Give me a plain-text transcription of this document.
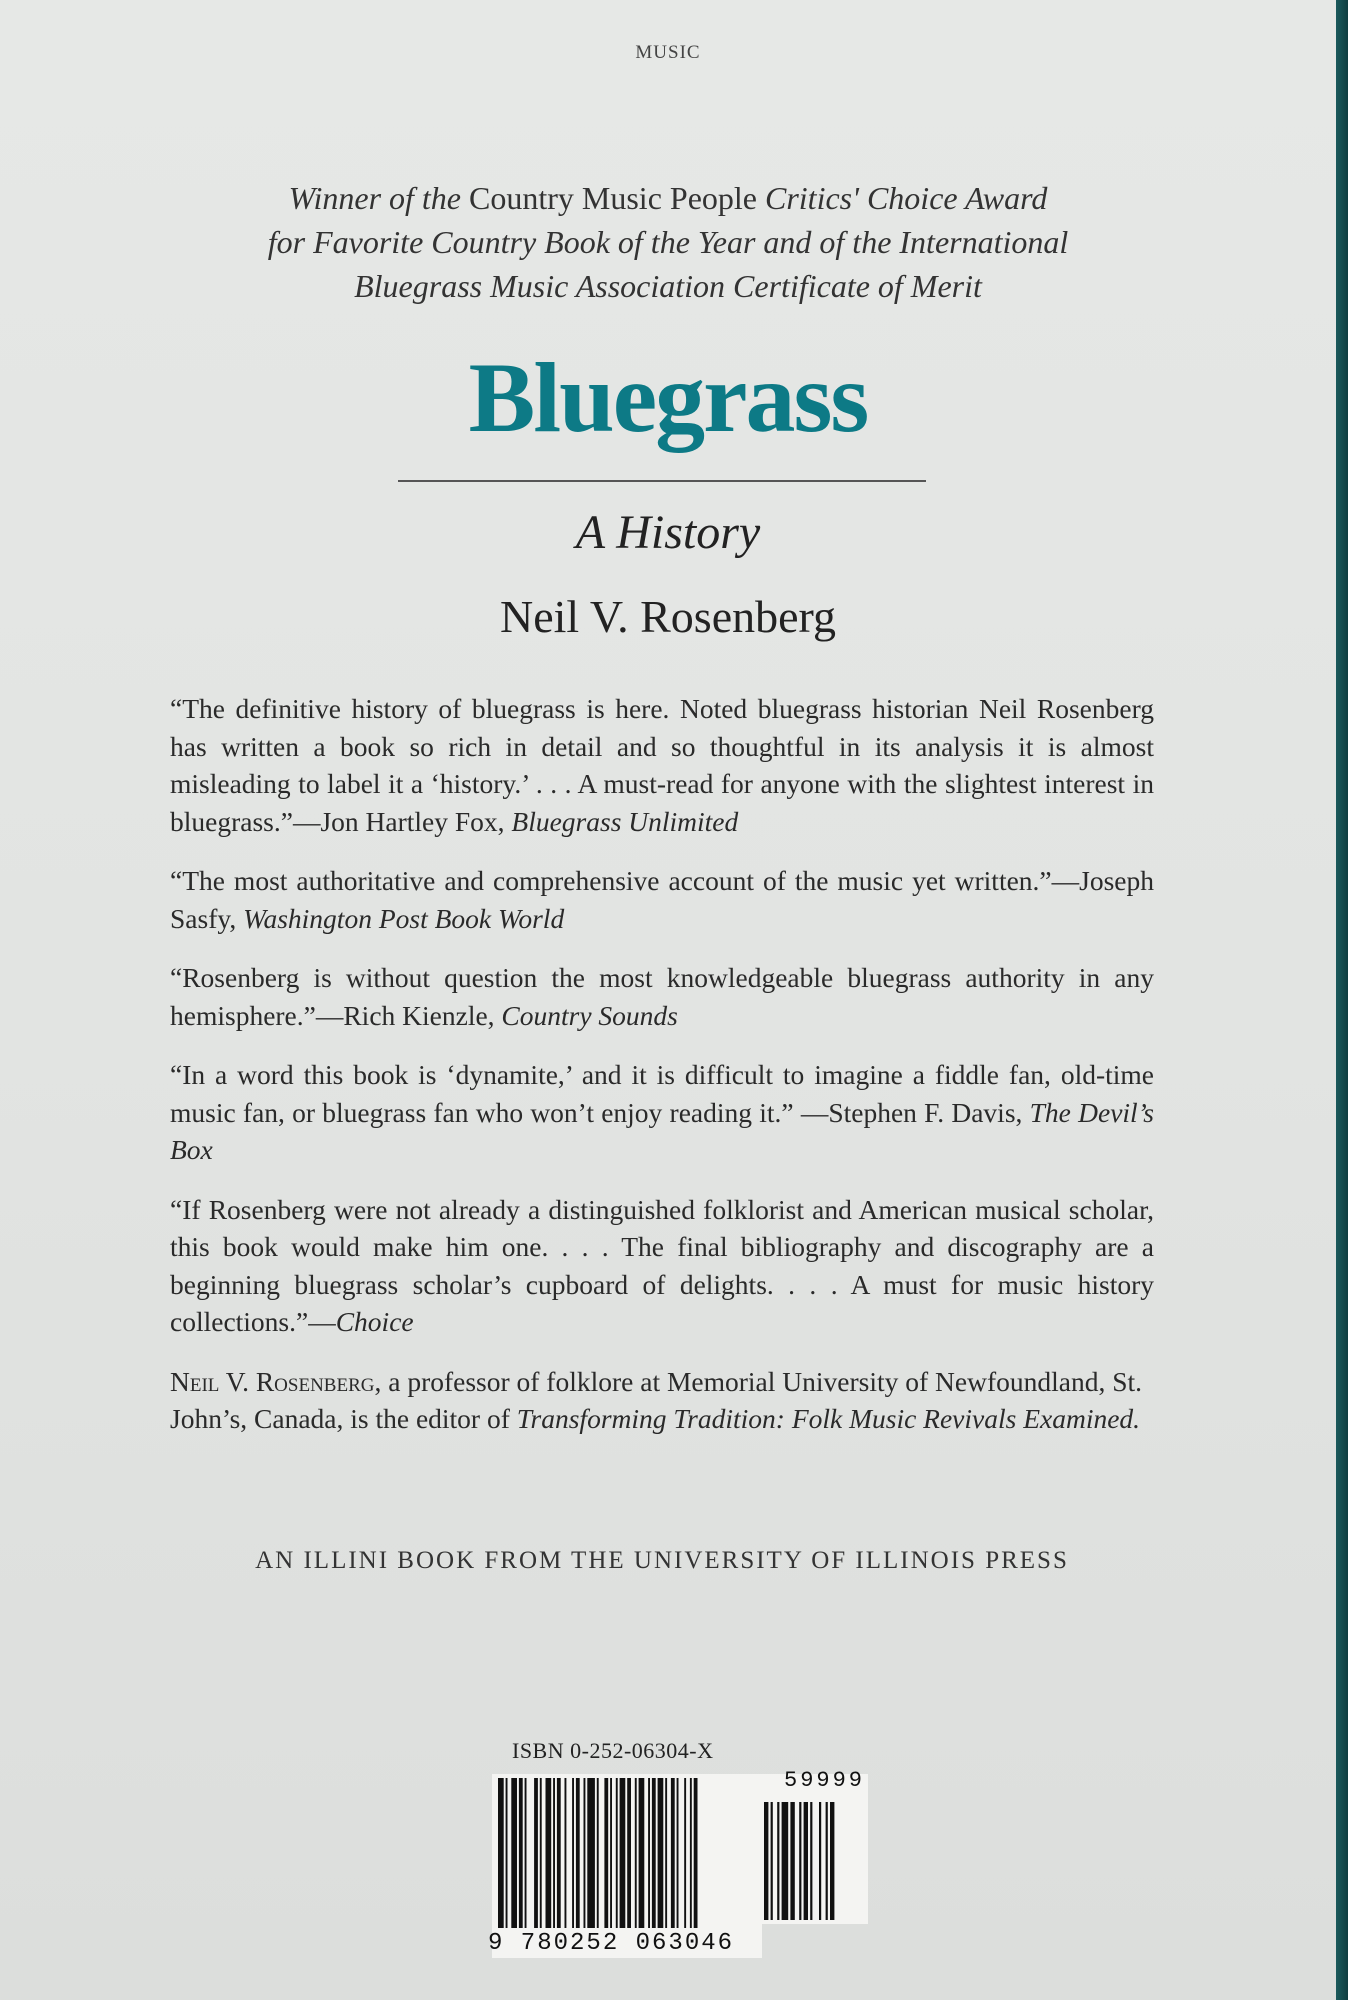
MUSIC
Winner of the Country Music People Critics' Choice Award
for Favorite Country Book of the Year and of the International
Bluegrass Music Association Certificate of Merit
Bluegrass
A History
Neil V. Rosenberg

“The definitive history of bluegrass is here. Noted bluegrass historian Neil Rosenberg has written a book so rich in detail and so thoughtful in its analysis it is almost misleading to label it a ‘history.’ . . . A must-read for anyone with the slightest interest in bluegrass.”—Jon Hartley Fox, Bluegrass Unlimited

“The most authoritative and comprehensive account of the music yet written.”—Joseph Sasfy, Washington Post Book World

“Rosenberg is without question the most knowledgeable bluegrass authority in any hemisphere.”—Rich Kienzle, Country Sounds

“In a word this book is ‘dynamite,’ and it is difficult to imagine a fiddle fan, old-time music fan, or bluegrass fan who won’t enjoy reading it.” —Stephen F. Davis, The Devil’s Box

“If Rosenberg were not already a distinguished folklorist and American musical scholar, this book would make him one. . . . The final bibliography and discography are a beginning bluegrass scholar’s cupboard of delights. . . . A must for music history collections.”—Choice

Neil V. Rosenberg, a professor of folklore at Memorial University of Newfoundland, St. John’s, Canada, is the editor of Transforming Tradition: Folk Music Revivals Examined.

AN ILLINI BOOK FROM THE UNIVERSITY OF ILLINOIS PRESS
ISBN 0-252-06304-X
9 780252 063046
59999
